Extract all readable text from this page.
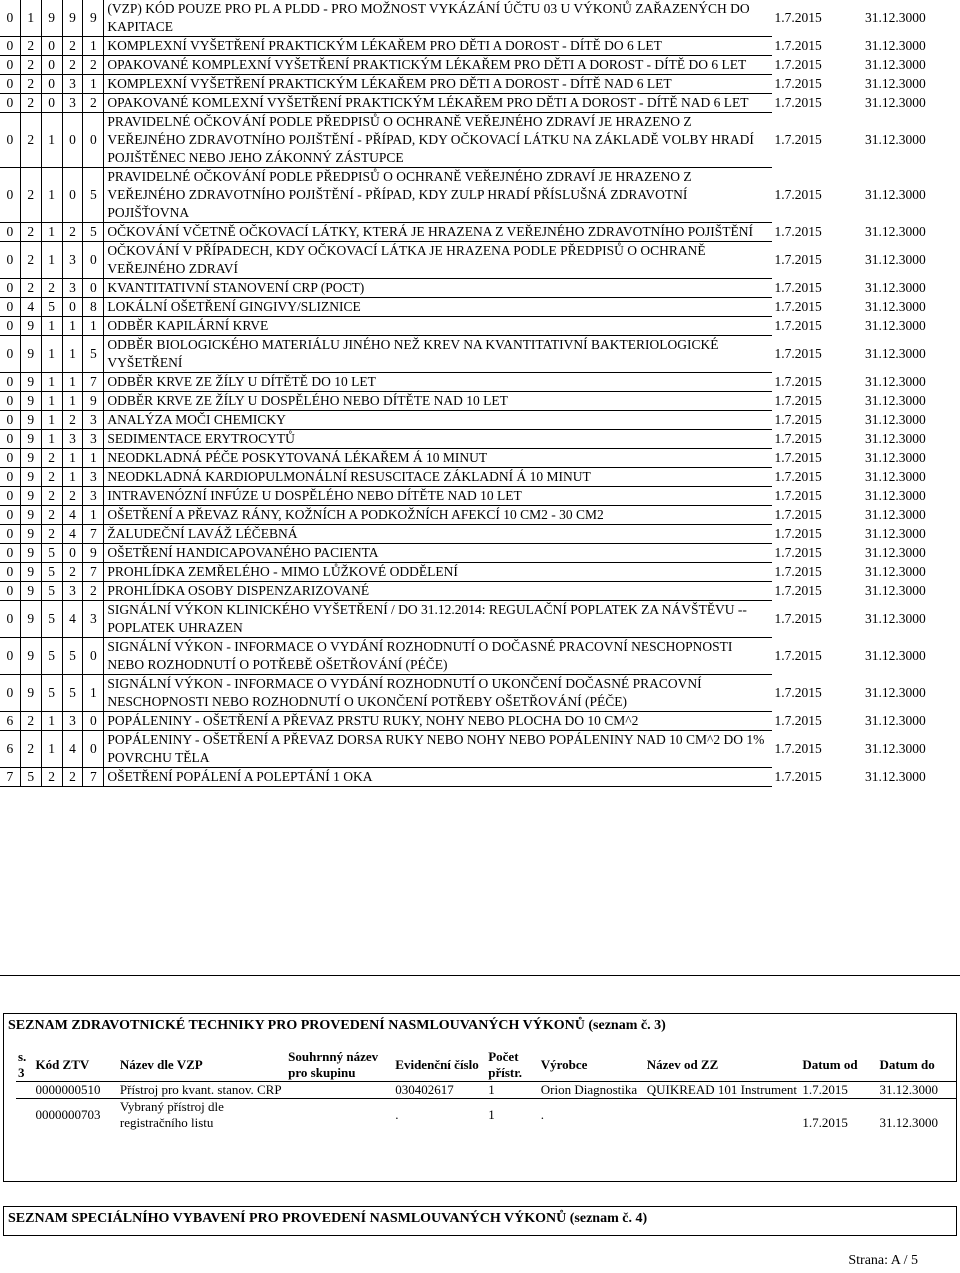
0	1	9	9	9	(VZP) KÓD POUZE PRO PL A PLDD - PRO MOŽNOST VYKÁZÁNÍ ÚČTU 03 U VÝKONŮ ZAŘAZENÝCH DO KAPITACE	1.7.2015	31.12.3000
0	2	0	2	1	KOMPLEXNÍ VYŠETŘENÍ PRAKTICKÝM LÉKAŘEM PRO DĚTI A DOROST - DÍTĚ DO 6 LET	1.7.2015	31.12.3000
0	2	0	2	2	OPAKOVANÉ KOMPLEXNÍ VYŠETŘENÍ PRAKTICKÝM LÉKAŘEM PRO DĚTI A DOROST - DÍTĚ DO 6 LET	1.7.2015	31.12.3000
0	2	0	3	1	KOMPLEXNÍ VYŠETŘENÍ PRAKTICKÝM LÉKAŘEM PRO DĚTI A DOROST - DÍTĚ NAD 6 LET	1.7.2015	31.12.3000
0	2	0	3	2	OPAKOVANÉ KOMLEXNÍ VYŠETŘENÍ PRAKTICKÝM LÉKAŘEM PRO DĚTI A DOROST - DÍTĚ NAD 6 LET	1.7.2015	31.12.3000
0	2	1	0	0	PRAVIDELNÉ OČKOVÁNÍ PODLE PŘEDPISŮ O OCHRANĚ VEŘEJNÉHO ZDRAVÍ JE HRAZENO Z VEŘEJNÉHO ZDRAVOTNÍHO POJIŠTĚNÍ - PŘÍPAD, KDY OČKOVACÍ LÁTKU NA ZÁKLADĚ VOLBY HRADÍ POJIŠTĚNEC NEBO JEHO ZÁKONNÝ ZÁSTUPCE	1.7.2015	31.12.3000
0	2	1	0	5	PRAVIDELNÉ OČKOVÁNÍ PODLE PŘEDPISŮ O OCHRANĚ VEŘEJNÉHO ZDRAVÍ JE HRAZENO Z VEŘEJNÉHO ZDRAVOTNÍHO POJIŠTĚNÍ - PŘÍPAD, KDY ZULP HRADÍ PŘÍSLUŠNÁ ZDRAVOTNÍ POJIŠŤOVNA	1.7.2015	31.12.3000
0	2	1	2	5	OČKOVÁNÍ VČETNĚ OČKOVACÍ LÁTKY, KTERÁ JE HRAZENA Z VEŘEJNÉHO ZDRAVOTNÍHO POJIŠTĚNÍ	1.7.2015	31.12.3000
0	2	1	3	0	OČKOVÁNÍ V PŘÍPADECH, KDY OČKOVACÍ LÁTKA JE HRAZENA PODLE PŘEDPISŮ O OCHRANĚ VEŘEJNÉHO ZDRAVÍ	1.7.2015	31.12.3000
0	2	2	3	0	KVANTITATIVNÍ STANOVENÍ CRP (POCT)	1.7.2015	31.12.3000
0	4	5	0	8	LOKÁLNÍ OŠETŘENÍ GINGIVY/SLIZNICE	1.7.2015	31.12.3000
0	9	1	1	1	ODBĚR KAPILÁRNÍ KRVE	1.7.2015	31.12.3000
0	9	1	1	5	ODBĚR BIOLOGICKÉHO MATERIÁLU JINÉHO NEŽ KREV NA KVANTITATIVNÍ BAKTERIOLOGICKÉ VYŠETŘENÍ	1.7.2015	31.12.3000
0	9	1	1	7	ODBĚR KRVE ZE ŽÍLY U DÍTĚTĚ DO 10 LET	1.7.2015	31.12.3000
0	9	1	1	9	ODBĚR KRVE ZE ŽÍLY U DOSPĚLÉHO NEBO DÍTĚTE NAD 10 LET	1.7.2015	31.12.3000
0	9	1	2	3	ANALÝZA MOČI CHEMICKY	1.7.2015	31.12.3000
0	9	1	3	3	SEDIMENTACE ERYTROCYTŮ	1.7.2015	31.12.3000
0	9	2	1	1	NEODKLADNÁ PÉČE POSKYTOVANÁ LÉKAŘEM Á 10 MINUT	1.7.2015	31.12.3000
0	9	2	1	3	NEODKLADNÁ KARDIOPULMONÁLNÍ RESUSCITACE ZÁKLADNÍ Á 10 MINUT	1.7.2015	31.12.3000
0	9	2	2	3	INTRAVENÓZNÍ INFÚZE U DOSPĚLÉHO NEBO DÍTĚTE NAD 10 LET	1.7.2015	31.12.3000
0	9	2	4	1	OŠETŘENÍ A PŘEVAZ RÁNY, KOŽNÍCH A PODKOŽNÍCH AFEKCÍ 10 CM2 - 30 CM2	1.7.2015	31.12.3000
0	9	2	4	7	ŽALUDEČNÍ LAVÁŽ LÉČEBNÁ	1.7.2015	31.12.3000
0	9	5	0	9	OŠETŘENÍ HANDICAPOVANÉHO PACIENTA	1.7.2015	31.12.3000
0	9	5	2	7	PROHLÍDKA ZEMŘELÉHO - MIMO LŮŽKOVÉ ODDĚLENÍ	1.7.2015	31.12.3000
0	9	5	3	2	PROHLÍDKA OSOBY DISPENZARIZOVANÉ	1.7.2015	31.12.3000
0	9	5	4	3	SIGNÁLNÍ VÝKON KLINICKÉHO VYŠETŘENÍ / DO 31.12.2014: REGULAČNÍ POPLATEK ZA NÁVŠTĚVU -- POPLATEK UHRAZEN	1.7.2015	31.12.3000
0	9	5	5	0	SIGNÁLNÍ VÝKON - INFORMACE O VYDÁNÍ ROZHODNUTÍ O DOČASNÉ PRACOVNÍ NESCHOPNOSTI NEBO ROZHODNUTÍ O POTŘEBĚ OŠETŘOVÁNÍ (PÉČE)	1.7.2015	31.12.3000
0	9	5	5	1	SIGNÁLNÍ VÝKON - INFORMACE O VYDÁNÍ ROZHODNUTÍ O UKONČENÍ DOČASNÉ PRACOVNÍ NESCHOPNOSTI NEBO ROZHODNUTÍ O UKONČENÍ POTŘEBY OŠETŘOVÁNÍ (PÉČE)	1.7.2015	31.12.3000
6	2	1	3	0	POPÁLENINY - OŠETŘENÍ A PŘEVAZ PRSTU RUKY, NOHY NEBO PLOCHA DO 10 CM^2	1.7.2015	31.12.3000
6	2	1	4	0	POPÁLENINY - OŠETŘENÍ A PŘEVAZ DORSA RUKY NEBO NOHY NEBO POPÁLENINY NAD 10 CM^2 DO 1% POVRCHU TĚLA	1.7.2015	31.12.3000
7	5	2	2	7	OŠETŘENÍ POPÁLENÍ A POLEPTÁNÍ 1 OKA	1.7.2015	31.12.3000
SEZNAM ZDRAVOTNICKÉ TECHNIKY PRO PROVEDENÍ NASMLOUVANÝCH VÝKONŮ (seznam č. 3)
s. 3	Kód ZTV	Název dle VZP	Souhrnný název pro skupinu	Evidenční číslo	Počet přístr.	Výrobce	Název od ZZ	Datum od	Datum do
	0000000510	Přístroj pro kvant. stanov. CRP		030402617	1	Orion Diagnostika	QUIKREAD 101 Instrument	1.7.2015	31.12.3000
	0000000703	Vybraný přístroj dle registračního listu		.	1	.		1.7.2015	31.12.3000
SEZNAM SPECIÁLNÍHO VYBAVENÍ PRO PROVEDENÍ NASMLOUVANÝCH VÝKONŮ (seznam č. 4)
Strana: A / 5
